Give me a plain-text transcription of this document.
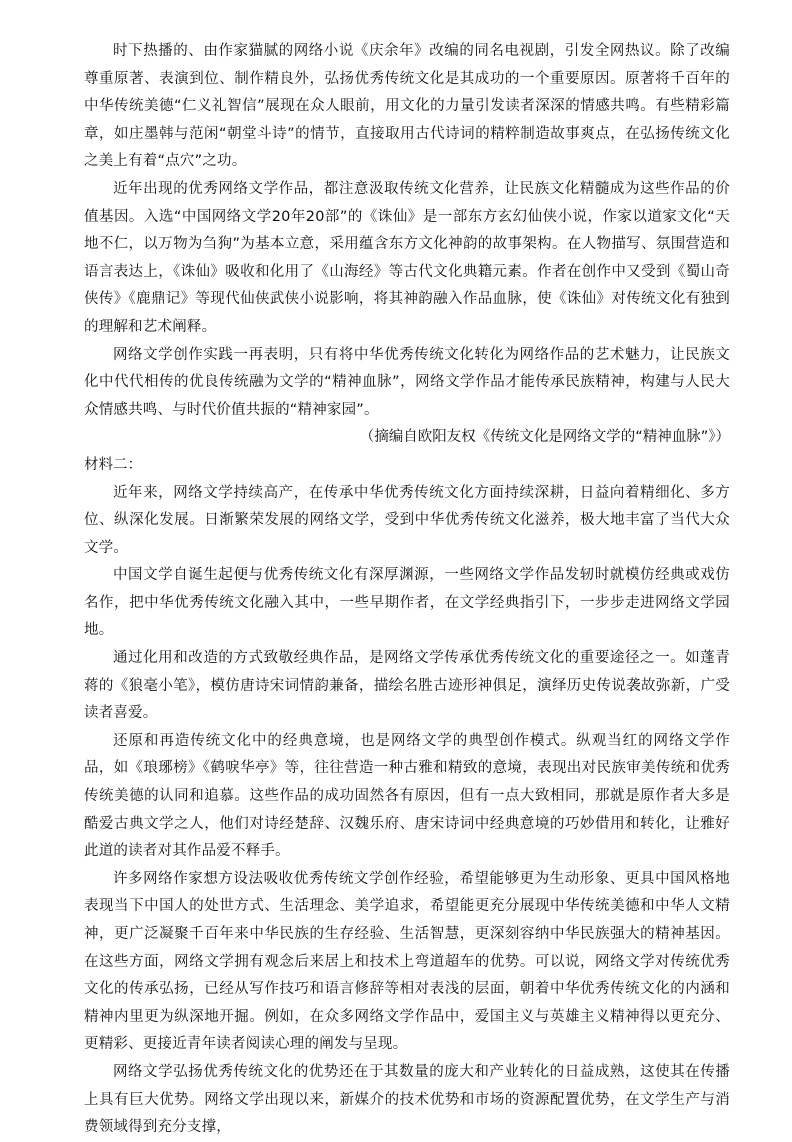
时下热播的、由作家猫腻的网络小说《庆余年》改编的同名电视剧，引发全网热议。除了改编尊重原著、表演到位、制作精良外，弘扬优秀传统文化是其成功的一个重要原因。原著将千百年的中华传统美德“仁义礼智信”展现在众人眼前，用文化的力量引发读者深深的情感共鸣。有些精彩篇章，如庄墨韩与范闲“朝堂斗诗”的情节，直接取用古代诗词的精粹制造故事爽点，在弘扬传统文化之美上有着“点穴”之功。

近年出现的优秀网络文学作品，都注意汲取传统文化营养，让民族文化精髓成为这些作品的价值基因。入选“中国网络文学20年20部”的《诛仙》是一部东方玄幻仙侠小说，作家以道家文化“天地不仁，以万物为刍狗”为基本立意，采用蕴含东方文化神韵的故事架构。在人物描写、氛围营造和语言表达上，《诛仙》吸收和化用了《山海经》等古代文化典籍元素。作者在创作中又受到《蜀山奇侠传》《鹿鼎记》等现代仙侠武侠小说影响，将其神韵融入作品血脉，使《诛仙》对传统文化有独到的理解和艺术阐释。

网络文学创作实践一再表明，只有将中华优秀传统文化转化为网络作品的艺术魅力，让民族文化中代代相传的优良传统融为文学的“精神血脉”，网络文学作品才能传承民族精神，构建与人民大众情感共鸣、与时代价值共振的“精神家园”。

（摘编自欧阳友权《传统文化是网络文学的“精神血脉”》）

材料二：

近年来，网络文学持续高产，在传承中华优秀传统文化方面持续深耕，日益向着精细化、多方位、纵深化发展。日渐繁荣发展的网络文学，受到中华优秀传统文化滋养，极大地丰富了当代大众文学。

中国文学自诞生起便与优秀传统文化有深厚渊源，一些网络文学作品发轫时就模仿经典或戏仿名作，把中华优秀传统文化融入其中，一些早期作者，在文学经典指引下，一步步走进网络文学园地。

通过化用和改造的方式致敬经典作品，是网络文学传承优秀传统文化的重要途径之一。如蓬青蒋的《狼毫小笔》，模仿唐诗宋词情韵兼备，描绘名胜古迹形神俱足，演绎历史传说袭故弥新，广受读者喜爱。

还原和再造传统文化中的经典意境，也是网络文学的典型创作模式。纵观当红的网络文学作品，如《琅琊榜》《鹤唳华亭》等，往往营造一种古雅和精致的意境，表现出对民族审美传统和优秀传统美德的认同和追慕。这些作品的成功固然各有原因，但有一点大致相同，那就是原作者大多是酷爱古典文学之人，他们对诗经楚辞、汉魏乐府、唐宋诗词中经典意境的巧妙借用和转化，让雅好此道的读者对其作品爱不释手。

许多网络作家想方设法吸收优秀传统文学创作经验，希望能够更为生动形象、更具中国风格地表现当下中国人的处世方式、生活理念、美学追求，希望能更充分展现中华传统美德和中华人文精神，更广泛凝聚千百年来中华民族的生存经验、生活智慧，更深刻容纳中华民族强大的精神基因。在这些方面，网络文学拥有观念后来居上和技术上弯道超车的优势。可以说，网络文学对传统优秀文化的传承弘扬，已经从写作技巧和语言修辞等相对表浅的层面，朝着中华优秀传统文化的内涵和精神内里更为纵深地开掘。例如，在众多网络文学作品中，爱国主义与英雄主义精神得以更充分、更精彩、更接近青年读者阅读心理的阐发与呈现。

网络文学弘扬优秀传统文化的优势还在于其数量的庞大和产业转化的日益成熟，这使其在传播上具有巨大优势。网络文学出现以来，新媒介的技术优势和市场的资源配置优势，在文学生产与消费领域得到充分支撑，
